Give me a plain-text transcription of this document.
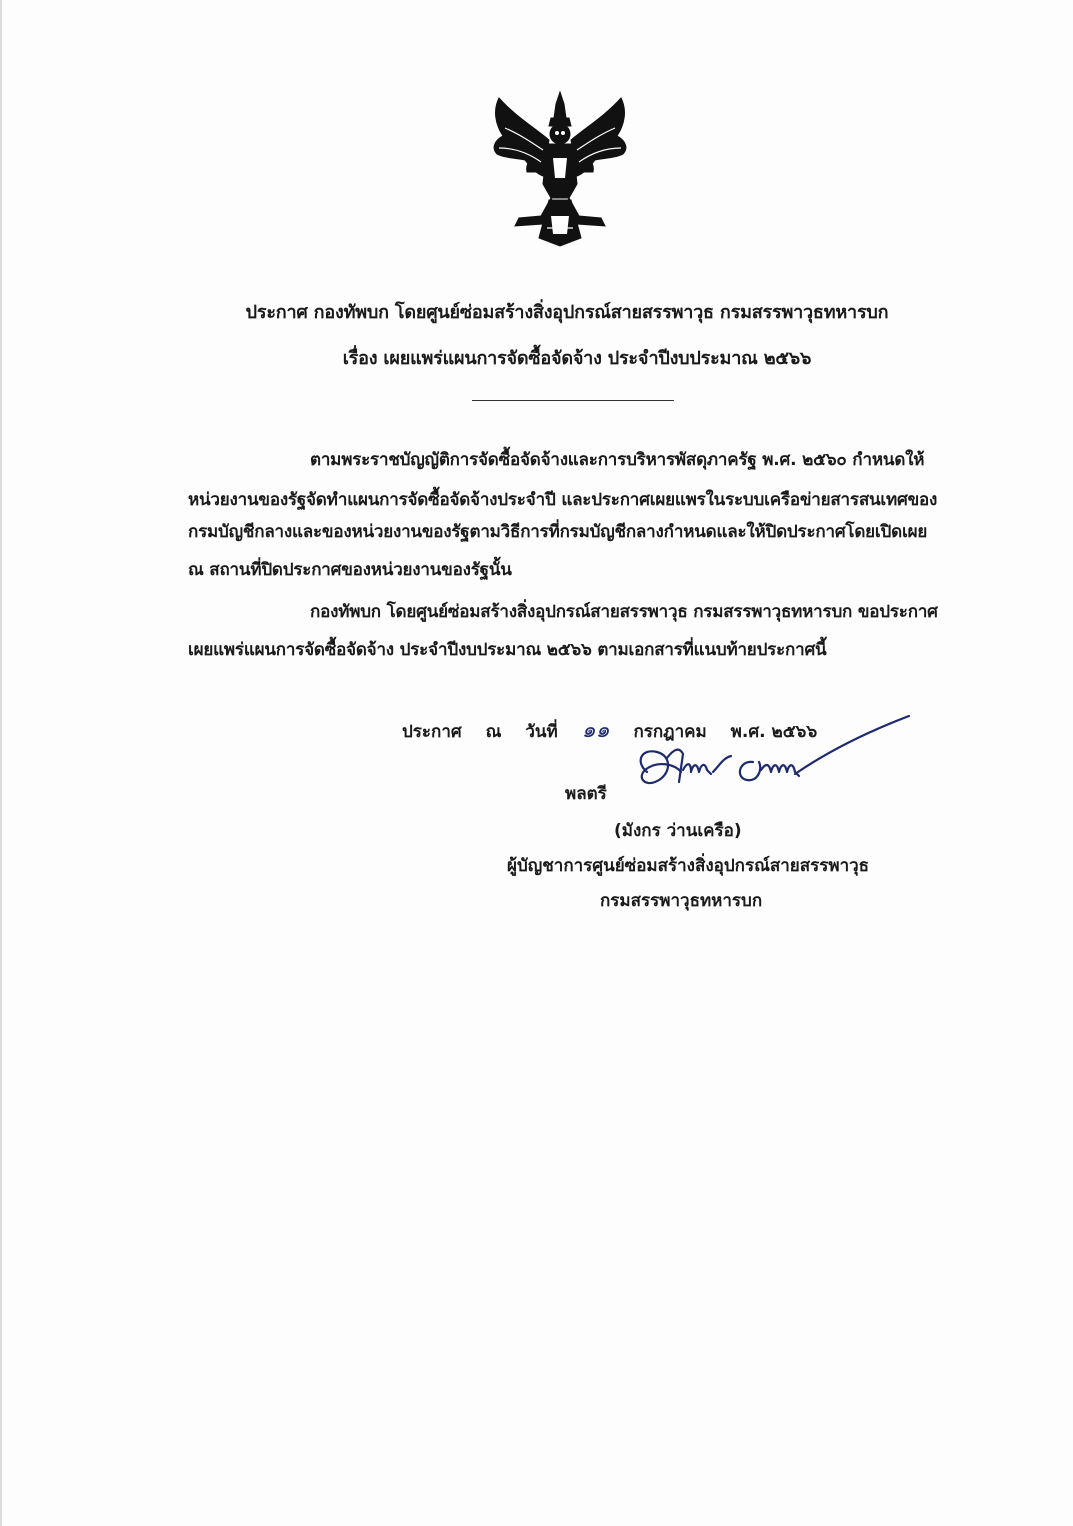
ประกาศ กองทัพบก โดยศูนย์ซ่อมสร้างสิ่งอุปกรณ์สายสรรพาวุธ กรมสรรพาวุธทหารบก
เรื่อง เผยแพร่แผนการจัดซื้อจัดจ้าง ประจำปีงบประมาณ ๒๕๖๖
ตามพระราชบัญญัติการจัดซื้อจัดจ้างและการบริหารพัสดุภาครัฐ พ.ศ. ๒๕๖๐ กำหนดให้
หน่วยงานของรัฐจัดทำแผนการจัดซื้อจัดจ้างประจำปี และประกาศเผยแพรในระบบเครือข่ายสารสนเทศของ
กรมบัญชีกลางและของหน่วยงานของรัฐตามวิธีการที่กรมบัญชีกลางกำหนดและให้ปิดประกาศโดยเปิดเผย
ณ สถานที่ปิดประกาศของหน่วยงานของรัฐนั้น
กองทัพบก โดยศูนย์ซ่อมสร้างสิ่งอุปกรณ์สายสรรพาวุธ กรมสรรพาวุธทหารบก ขอประกาศ
เผยแพร่แผนการจัดซื้อจัดจ้าง ประจำปีงบประมาณ ๒๕๖๖ ตามเอกสารที่แนบท้ายประกาศนี้
ประกาศ ณ วันที่ ๑๑ กรกฎาคม พ.ศ. ๒๕๖๖
พลตรี
(มังกร ว่านเครือ)
ผู้บัญชาการศูนย์ซ่อมสร้างสิ่งอุปกรณ์สายสรรพาวุธ
กรมสรรพาวุธทหารบก
